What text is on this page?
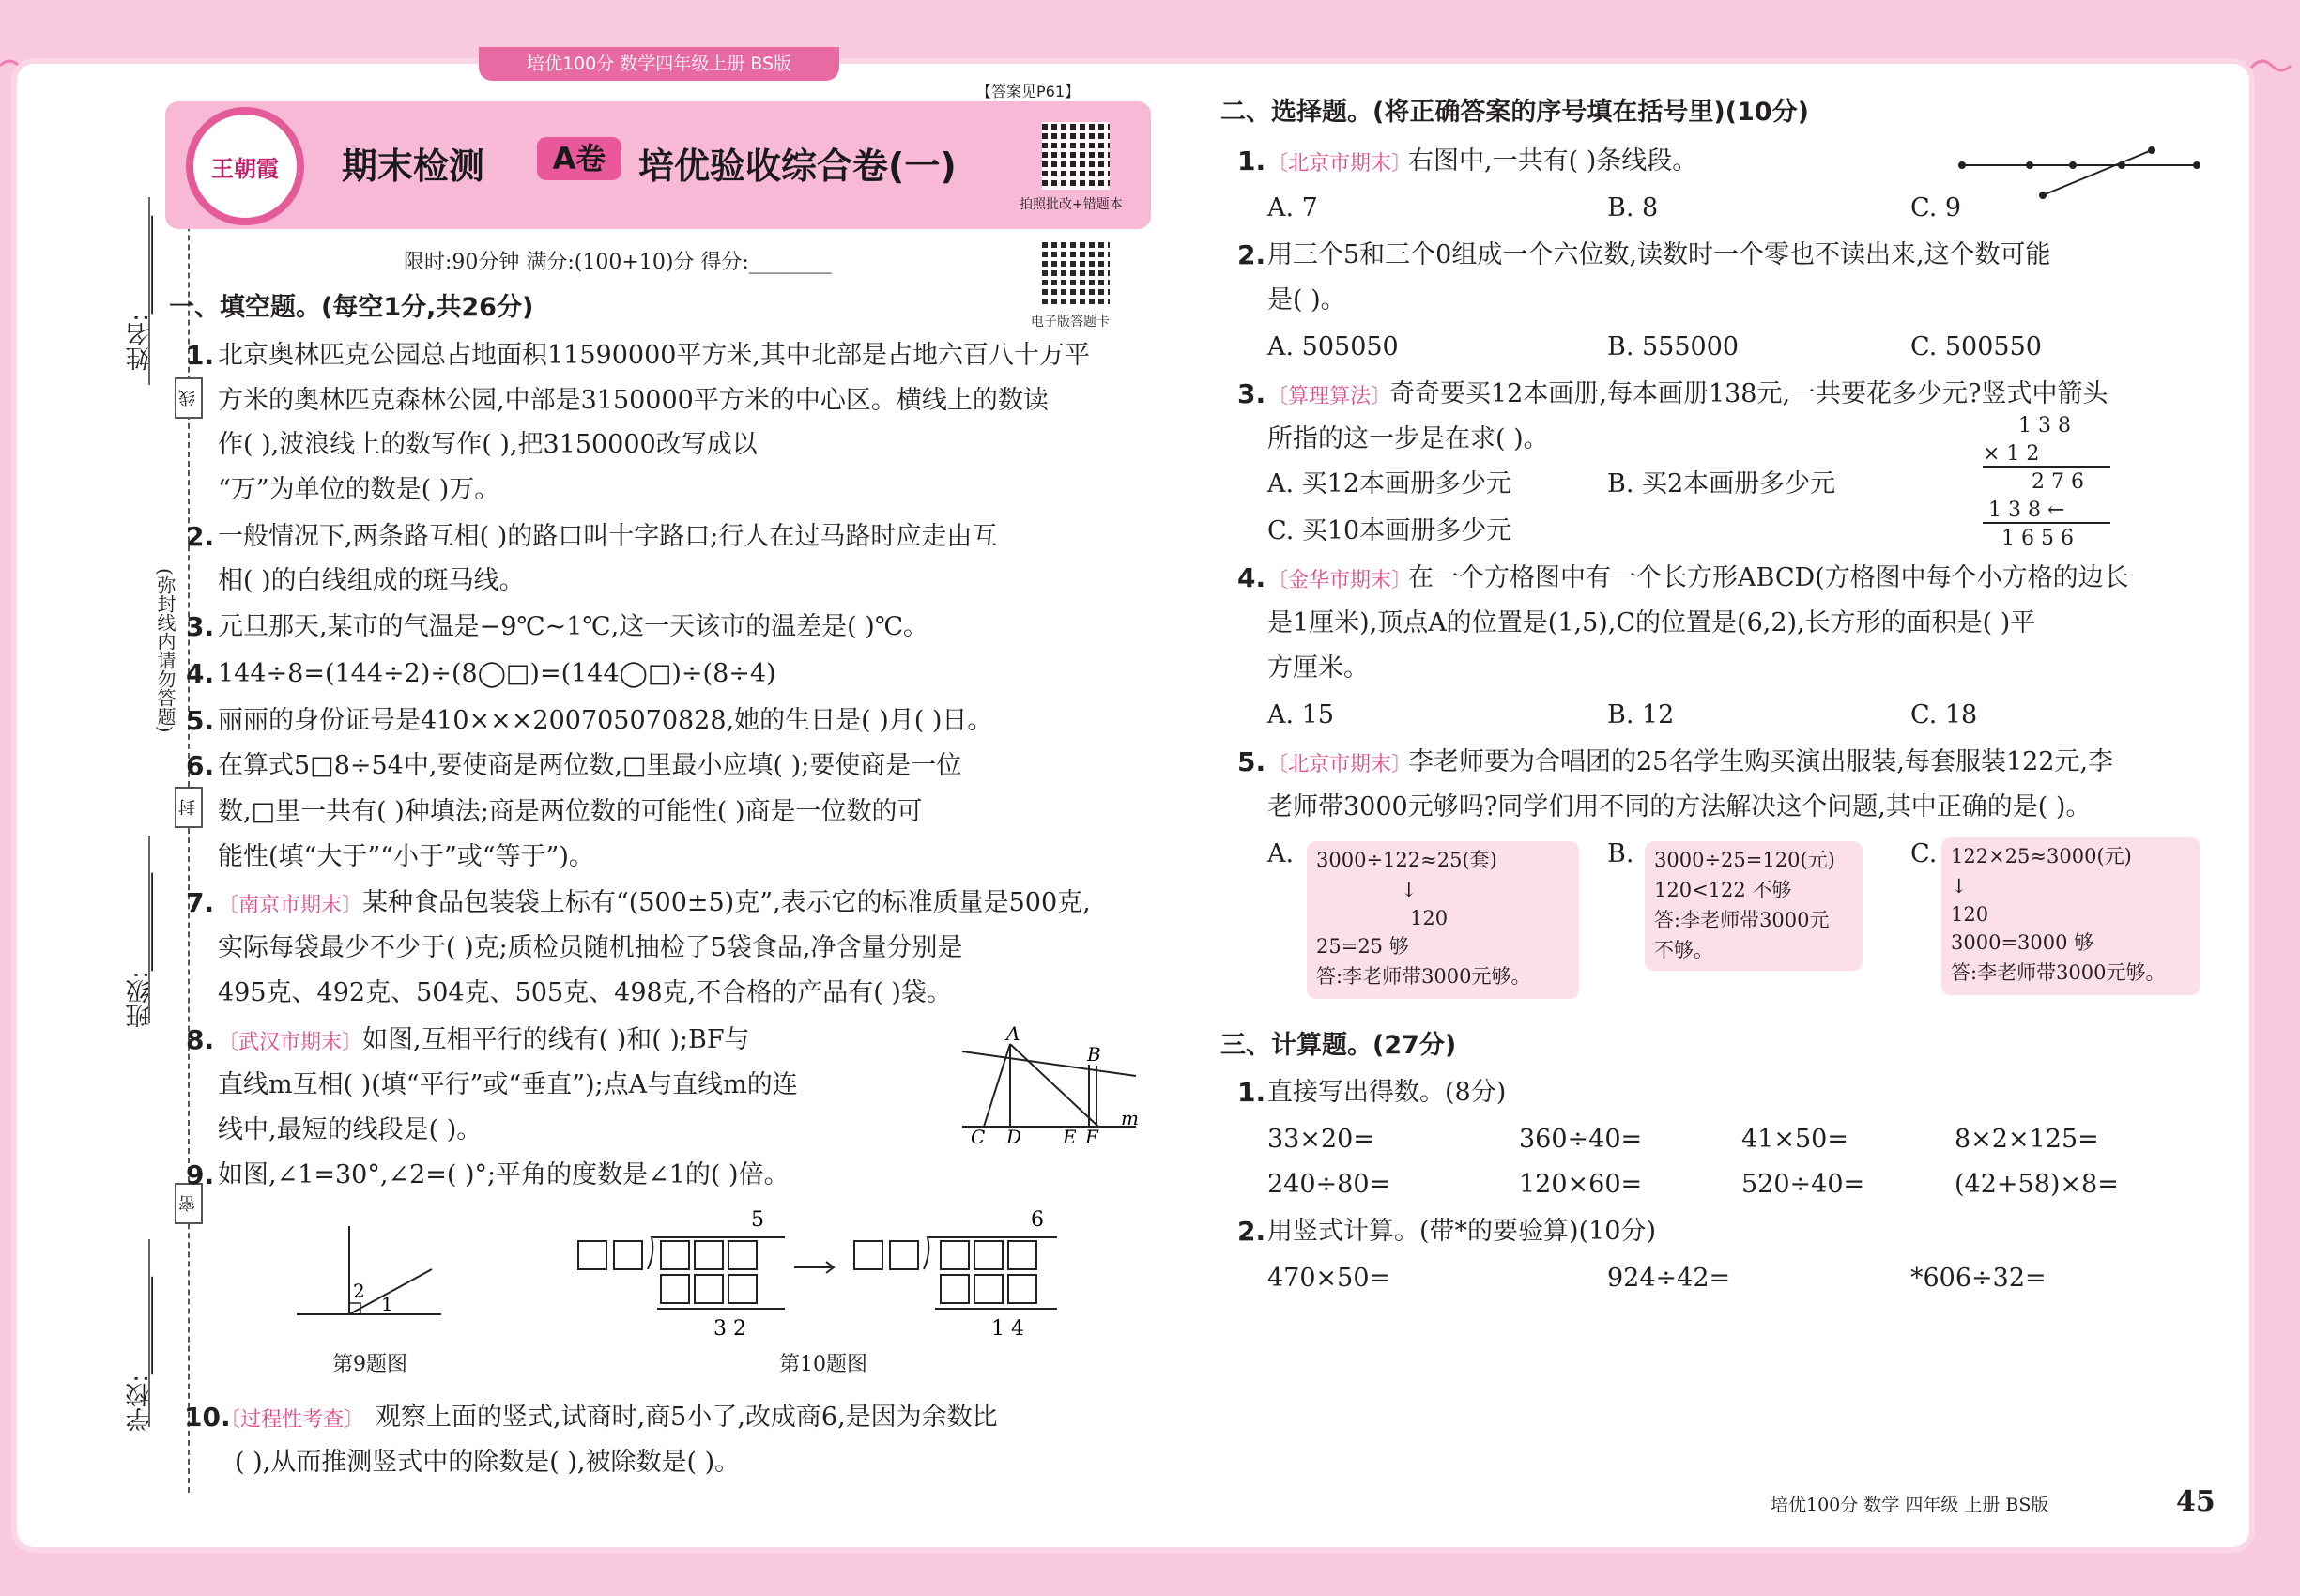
培优100分 数学四年级上册 BS版
姓名:________
班级:________
学校:________
线
封
密
(弥封线内请勿答题)
【答案见P61】
王朝霞 期末检测	A卷 培优验收综合卷(一)
拍照批改+错题本
电子版答题卡
限时:90分钟 满分:(100+10)分 得分:________
一、填空题。(每空1分,共26分)
1. 北京奥林匹克公园总占地面积11590000平方米,其中北部是占地六百八十万平
方米的奥林匹克森林公园,中部是3150000平方米的中心区。横线上的数读
作( ),波浪线上的数写作( ),把3150000改写成以
“万”为单位的数是( )万。
2. 一般情况下,两条路互相( )的路口叫十字路口;行人在过马路时应走由互
相( )的白线组成的斑马线。
3. 元旦那天,某市的气温是−9℃~1℃,这一天该市的温差是( )℃。
4. 144÷8=(144÷2)÷(8◯□)=(144◯□)÷(8÷4)
5. 丽丽的身份证号是410×××200705070828,她的生日是( )月( )日。
6. 在算式5□8÷54中,要使商是两位数,□里最小应填( );要使商是一位
数,□里一共有( )种填法;商是两位数的可能性( )商是一位数的可
能性(填“大于”“小于”或“等于”)。
7. 〔南京市期末〕 某种食品包装袋上标有“(500±5)克”,表示它的标准质量是500克,
实际每袋最少不少于( )克;质检员随机抽检了5袋食品,净含量分别是
495克、492克、504克、505克、498克,不合格的产品有( )袋。
8. 〔武汉市期末〕 如图,互相平行的线有( )和( );BF与
直线m互相( )(填“平行”或“垂直”);点A与直线m的连
线中,最短的线段是( )。
A
B
C D E F
m
9. 如图,∠1=30°,∠2=( )°;平角的度数是∠1的( )倍。
2
1
第9题图
5
3 2
6
1 4
第10题图
10.
〔过程性考查〕 观察上面的竖式,试商时,商5小了,改成商6,是因为余数比
( ),从而推测竖式中的除数是( ),被除数是( )。
二、选择题。(将正确答案的序号填在括号里)(10分)
1. 〔北京市期末〕
右图中,一共有( )条线段。
A. 7	B. 8	C. 9
2. 用三个5和三个0组成一个六位数,读数时一个零也不读出来,这个数可能
是( )。
A. 505050	B. 555000	C. 500550
3. 〔算理算法〕
奇奇要买12本画册,每本画册138元,一共要花多少元?竖式中箭头
所指的这一步是在求( )。
A. 买12本画册多少元	B. 买2本画册多少元
C. 买10本画册多少元
1 3 8
× 1 2
2 7 6
1 3 8 ←
1 6 5 6
4. 〔金华市期末〕
在一个方格图中有一个长方形ABCD(方格图中每个小方格的边长
是1厘米),顶点A的位置是(1,5),C的位置是(6,2),长方形的面积是( )平
方厘米。
A. 15	B. 12	C. 18
5. 〔北京市期末〕
李老师要为合唱团的25名学生购买演出服装,每套服装122元,李
老师带3000元够吗?同学们用不同的方法解决这个问题,其中正确的是( )。
A. 3000÷122≈25(套)
↓
120
25=25 够
答:李老师带3000元够。
B. 3000÷25=120(元)
120<122 不够
答:李老师带3000元
不够。
C. 122×25≈3000(元)
↓
120
3000=3000 够
答:李老师带3000元够。
三、计算题。(27分)
1. 直接写出得数。(8分)
33×20=	360÷40=	41×50=	8×2×125=
240÷80=	120×60=	520÷40=	(42+58)×8=
2. 用竖式计算。(带*的要验算)(10分)
470×50=	924÷42=	*606÷32=
培优100分 数学 四年级 上册 BS版	45
